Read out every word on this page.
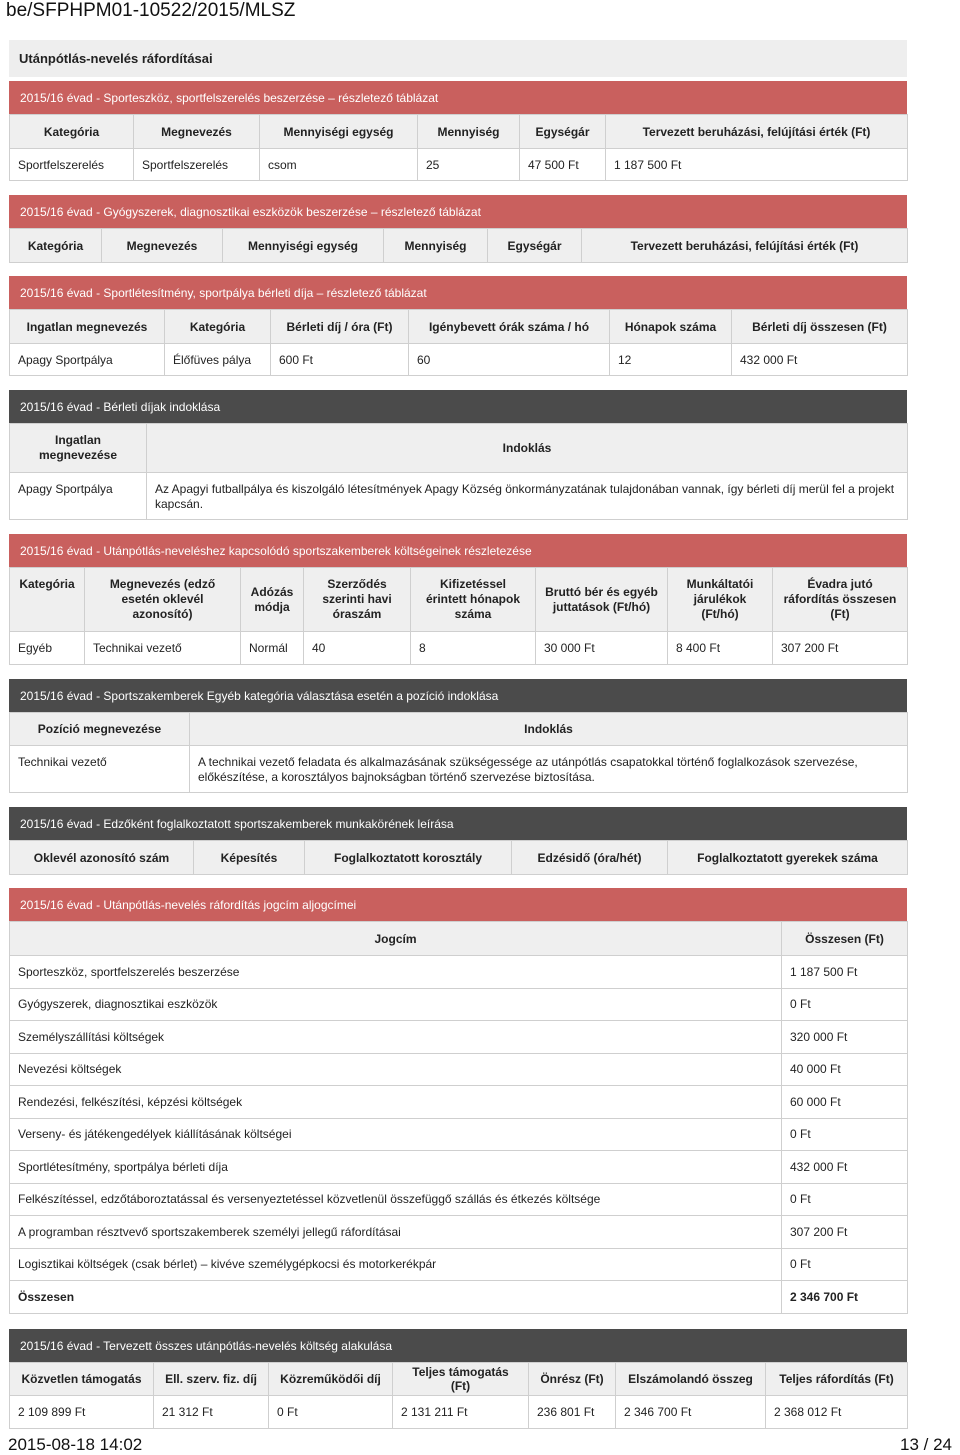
be/SFPHPM01-10522/2015/MLSZ
Utánpótlás-nevelés ráfordításai
2015/16 évad - Sporteszköz, sportfelszerelés beszerzése – részletező táblázat
Kategória	Megnevezés	Mennyiségi egység	Mennyiség	Egységár	Tervezett beruházási, felújítási érték (Ft)
Sportfelszerelés	Sportfelszerelés	csom	25	47 500 Ft	1 187 500 Ft
2015/16 évad - Gyógyszerek, diagnosztikai eszközök beszerzése – részletező táblázat
Kategória	Megnevezés	Mennyiségi egység	Mennyiség	Egységár	Tervezett beruházási, felújítási érték (Ft)
2015/16 évad - Sportlétesítmény, sportpálya bérleti díja – részletező táblázat
Ingatlan megnevezés	Kategória	Bérleti díj / óra (Ft)	Igénybevett órák száma / hó	Hónapok száma	Bérleti díj összesen (Ft)
Apagy Sportpálya	Élőfüves pálya	600 Ft	60	12	432 000 Ft
2015/16 évad - Bérleti díjak indoklása
Ingatlan megnevezése	Indoklás
Apagy Sportpálya	Az Apagyi futballpálya és kiszolgáló létesítmények Apagy Község önkormányzatának tulajdonában vannak, így bérleti díj merül fel a projekt kapcsán.
2015/16 évad - Utánpótlás-neveléshez kapcsolódó sportszakemberek költségeinek részletezése
Kategória	Megnevezés (edző esetén oklevél azonosító)	Adózás módja	Szerződés szerinti havi óraszám	Kifizetéssel érintett hónapok száma	Bruttó bér és egyéb juttatások (Ft/hó)	Munkáltatói járulékok (Ft/hó)	Évadra jutó ráfordítás összesen (Ft)
Egyéb	Technikai vezető	Normál	40	8	30 000 Ft	8 400 Ft	307 200 Ft
2015/16 évad - Sportszakemberek Egyéb kategória választása esetén a pozíció indoklása
Pozíció megnevezése	Indoklás
Technikai vezető	A technikai vezető feladata és alkalmazásának szükségessége az utánpótlás csapatokkal történő foglalkozások szervezése, előkészítése, a korosztályos bajnokságban történő szervezése biztosítása.
2015/16 évad - Edzőként foglalkoztatott sportszakemberek munkakörének leírása
Oklevél azonosító szám	Képesítés	Foglalkoztatott korosztály	Edzésidő (óra/hét)	Foglalkoztatott gyerekek száma
2015/16 évad - Utánpótlás-nevelés ráfordítás jogcím aljogcímei
Jogcím	Összesen (Ft)
Sporteszköz, sportfelszerelés beszerzése	1 187 500 Ft
Gyógyszerek, diagnosztikai eszközök	0 Ft
Személyszállítási költségek	320 000 Ft
Nevezési költségek	40 000 Ft
Rendezési, felkészítési, képzési költségek	60 000 Ft
Verseny- és játékengedélyek kiállításának költségei	0 Ft
Sportlétesítmény, sportpálya bérleti díja	432 000 Ft
Felkészítéssel, edzőtáboroztatással és versenyeztetéssel közvetlenül összefüggő szállás és étkezés költsége	0 Ft
A programban résztvevő sportszakemberek személyi jellegű ráfordításai	307 200 Ft
Logisztikai költségek (csak bérlet) – kivéve személygépkocsi és motorkerékpár	0 Ft
Összesen	2 346 700 Ft
2015/16 évad - Tervezett összes utánpótlás-nevelés költség alakulása
Közvetlen támogatás	Ell. szerv. fiz. díj	Közreműködői díj	Teljes támogatás (Ft)	Önrész (Ft)	Elszámolandó összeg	Teljes ráfordítás (Ft)
2 109 899 Ft	21 312 Ft	0 Ft	2 131 211 Ft	236 801 Ft	2 346 700 Ft	2 368 012 Ft
2015-08-18 14:02	13 / 24
